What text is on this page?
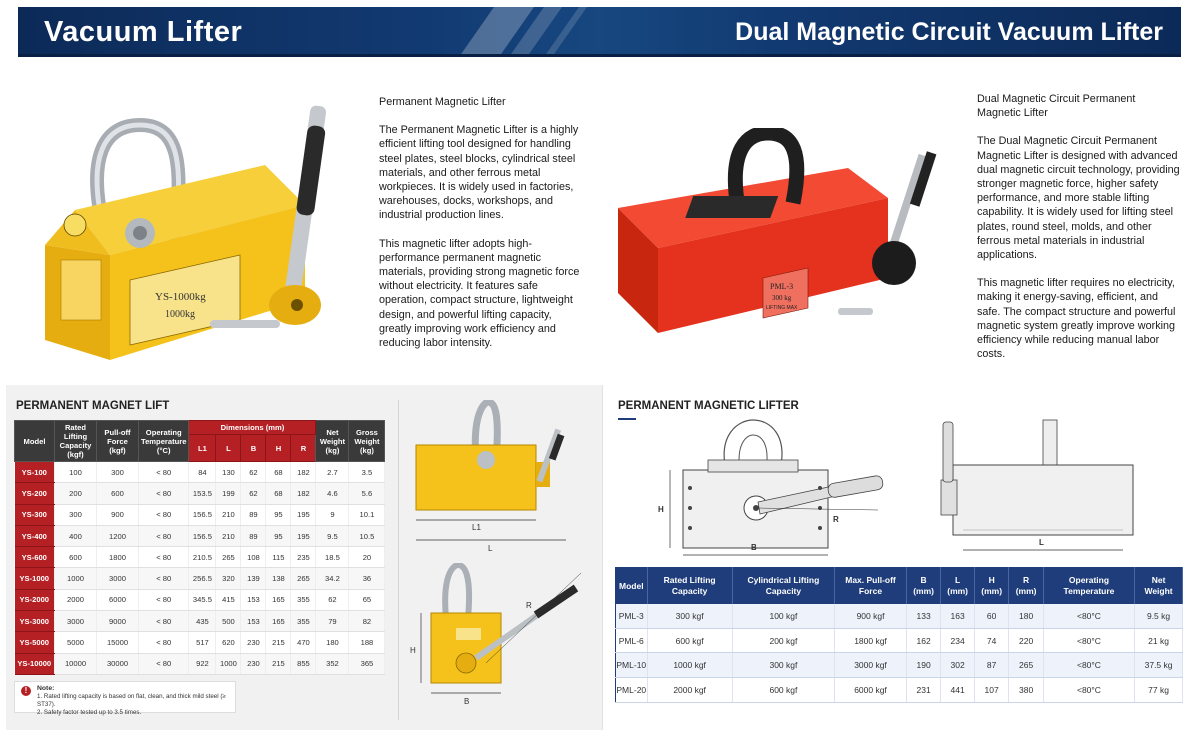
Vacuum Lifter	Dual Magnetic Circuit Vacuum Lifter
YS-1000kg
1000kg

Permanent Magnetic Lifter

The Permanent Magnetic Lifter is a highly efficient lifting tool designed for handling steel plates, steel blocks, cylindrical steel materials, and other ferrous metal workpieces. It is widely used in factories, warehouses, docks, workshops, and industrial production lines.

This magnetic lifter adopts high-performance permanent magnetic materials, providing strong magnetic force without electricity. It features safe operation, compact structure, lightweight design, and powerful lifting capacity, greatly improving work efficiency and reducing labor intensity.

PML-3
300 kg
LIFTING MAX

Dual Magnetic Circuit Permanent Magnetic Lifter

The Dual Magnetic Circuit Permanent Magnetic Lifter is designed with advanced dual magnetic circuit technology, providing stronger magnetic force, higher safety performance, and more stable lifting capability. It is widely used for lifting steel plates, round steel, molds, and other ferrous metal materials in industrial applications.

This magnetic lifter requires no electricity, making it energy-saving, efficient, and safe. The compact structure and powerful magnetic system greatly improve working efficiency while reducing manual labor costs.

PERMANENT MAGNET LIFT
Model	Rated Lifting Capacity (kgf)	Pull-off Force (kgf)	Operating Temperature (°C)	Dimensions (mm)					Net Weight (kg)	Gross Weight (kg)
				L1	L	B	H	R		
YS-100	100	300	< 80	84	130	62	68	182	2.7	3.5
YS-200	200	600	< 80	153.5	199	62	68	182	4.6	5.6
YS-300	300	900	< 80	156.5	210	89	95	195	9	10.1
YS-400	400	1200	< 80	156.5	210	89	95	195	9.5	10.5
YS-600	600	1800	< 80	210.5	265	108	115	235	18.5	20
YS-1000	1000	3000	< 80	256.5	320	139	138	265	34.2	36
YS-2000	2000	6000	< 80	345.5	415	153	165	355	62	65
YS-3000	3000	9000	< 80	435	500	153	165	355	79	82
YS-5000	5000	15000	< 80	517	620	230	215	470	180	188
YS-10000	10000	30000	< 80	922	1000	230	215	855	352	365
L1
L
H
R
B
!	Note:
1. Rated lifting capacity is based on flat, clean, and thick mild steel (≥ ST37).
2. Safety factor tested up to 3.5 times.
PERMANENT MAGNETIC LIFTER
H
R
B
L
Model	Rated Lifting Capacity	Cylindrical Lifting Capacity	Max. Pull-off Force	B (mm)	L (mm)	H (mm)	R (mm)	Operating Temperature	Net Weight
PML-3	300 kgf	100 kgf	900 kgf	133	163	60	180	<80°C	9.5 kg
PML-6	600 kgf	200 kgf	1800 kgf	162	234	74	220	<80°C	21 kg
PML-10	1000 kgf	300 kgf	3000 kgf	190	302	87	265	<80°C	37.5 kg
PML-20	2000 kgf	600 kgf	6000 kgf	231	441	107	380	<80°C	77 kg
